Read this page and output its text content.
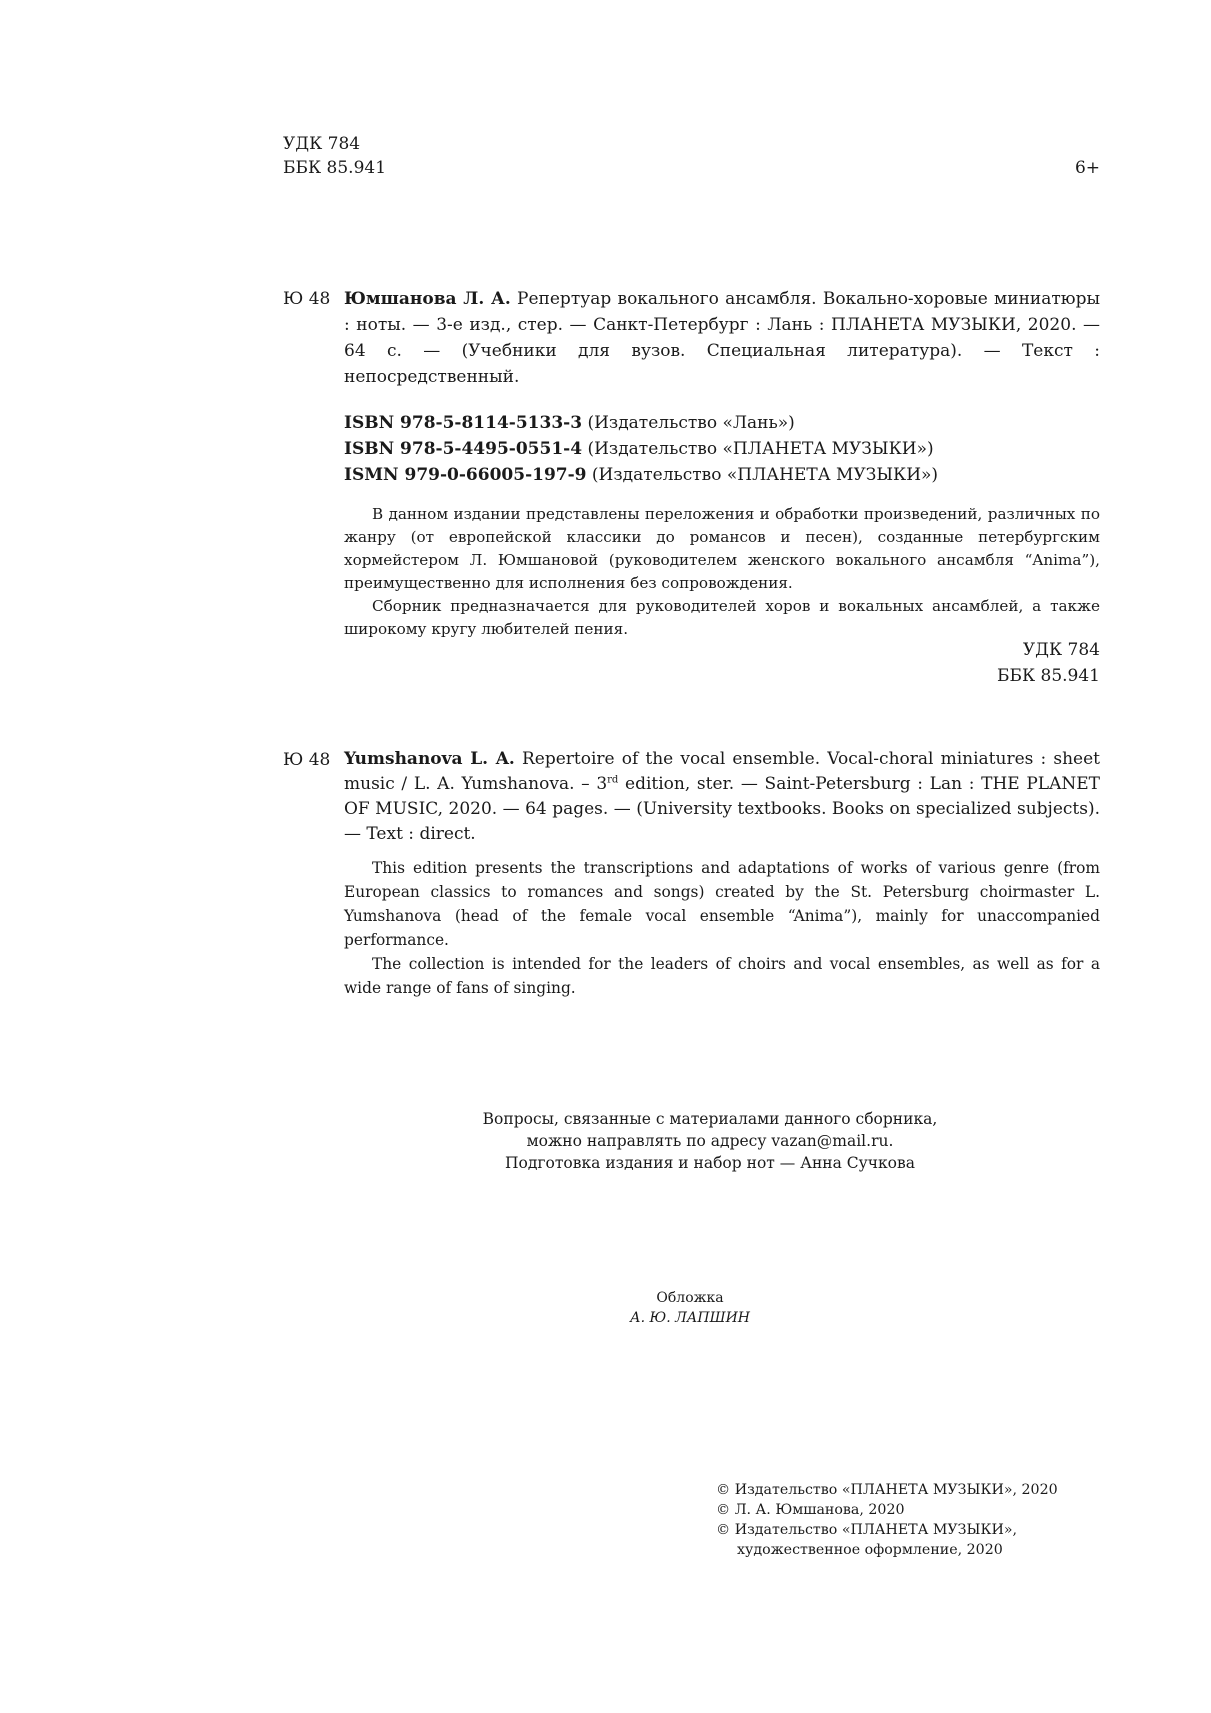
УДК 784
ББК 85.941	6+
Ю 48 Юмшанова Л. А. Репертуар вокального ансамбля. Вокально-хоровые миниатюры : ноты. — 3-е изд., стер. — Санкт-Петербург : Лань : ПЛАНЕТА МУЗЫКИ, 2020. — 64 с. — (Учебники для вузов. Специальная литература). — Текст : непосредственный.
ISBN 978-5-8114-5133-3 (Издательство «Лань»)
ISBN 978-5-4495-0551-4 (Издательство «ПЛАНЕТА МУЗЫКИ»)
ISMN 979-0-66005-197-9 (Издательство «ПЛАНЕТА МУЗЫКИ»)

В данном издании представлены переложения и обработки произведений, различных по жанру (от европейской классики до романсов и песен), созданные петербургским хормейстером Л. Юмшановой (руководителем женского вокального ансамбля “Anima”), преимущественно для исполнения без сопровождения.

Сборник предназначается для руководителей хоров и вокальных ансамблей, а также широкому кругу любителей пения.

УДК 784
ББК 85.941
Ю 48 Yumshanova L. A. Repertoire of the vocal ensemble. Vocal-choral miniatures : sheet music / L. A. Yumshanova. – 3rd edition, ster. — Saint-Petersburg : Lan : THE PLANET OF MUSIC, 2020. — 64 pages. — (University textbooks. Books on specialized subjects). — Text : direct.

This edition presents the transcriptions and adaptations of works of various genre (from European classics to romances and songs) created by the St. Petersburg choirmaster L. Yumshanova (head of the female vocal ensemble “Anima”), mainly for unaccompanied performance.

The collection is intended for the leaders of choirs and vocal ensembles, as well as for a wide range of fans of singing.

Вопросы, связанные с материалами данного сборника,
можно направлять по адресу vazan@mail.ru.
Подготовка издания и набор нот — Анна Сучкова
Обложка
А. Ю. ЛАПШИН
© Издательство «ПЛАНЕТА МУЗЫКИ», 2020
© Л. А. Юмшанова, 2020
© Издательство «ПЛАНЕТА МУЗЫКИ», художественное оформление, 2020
